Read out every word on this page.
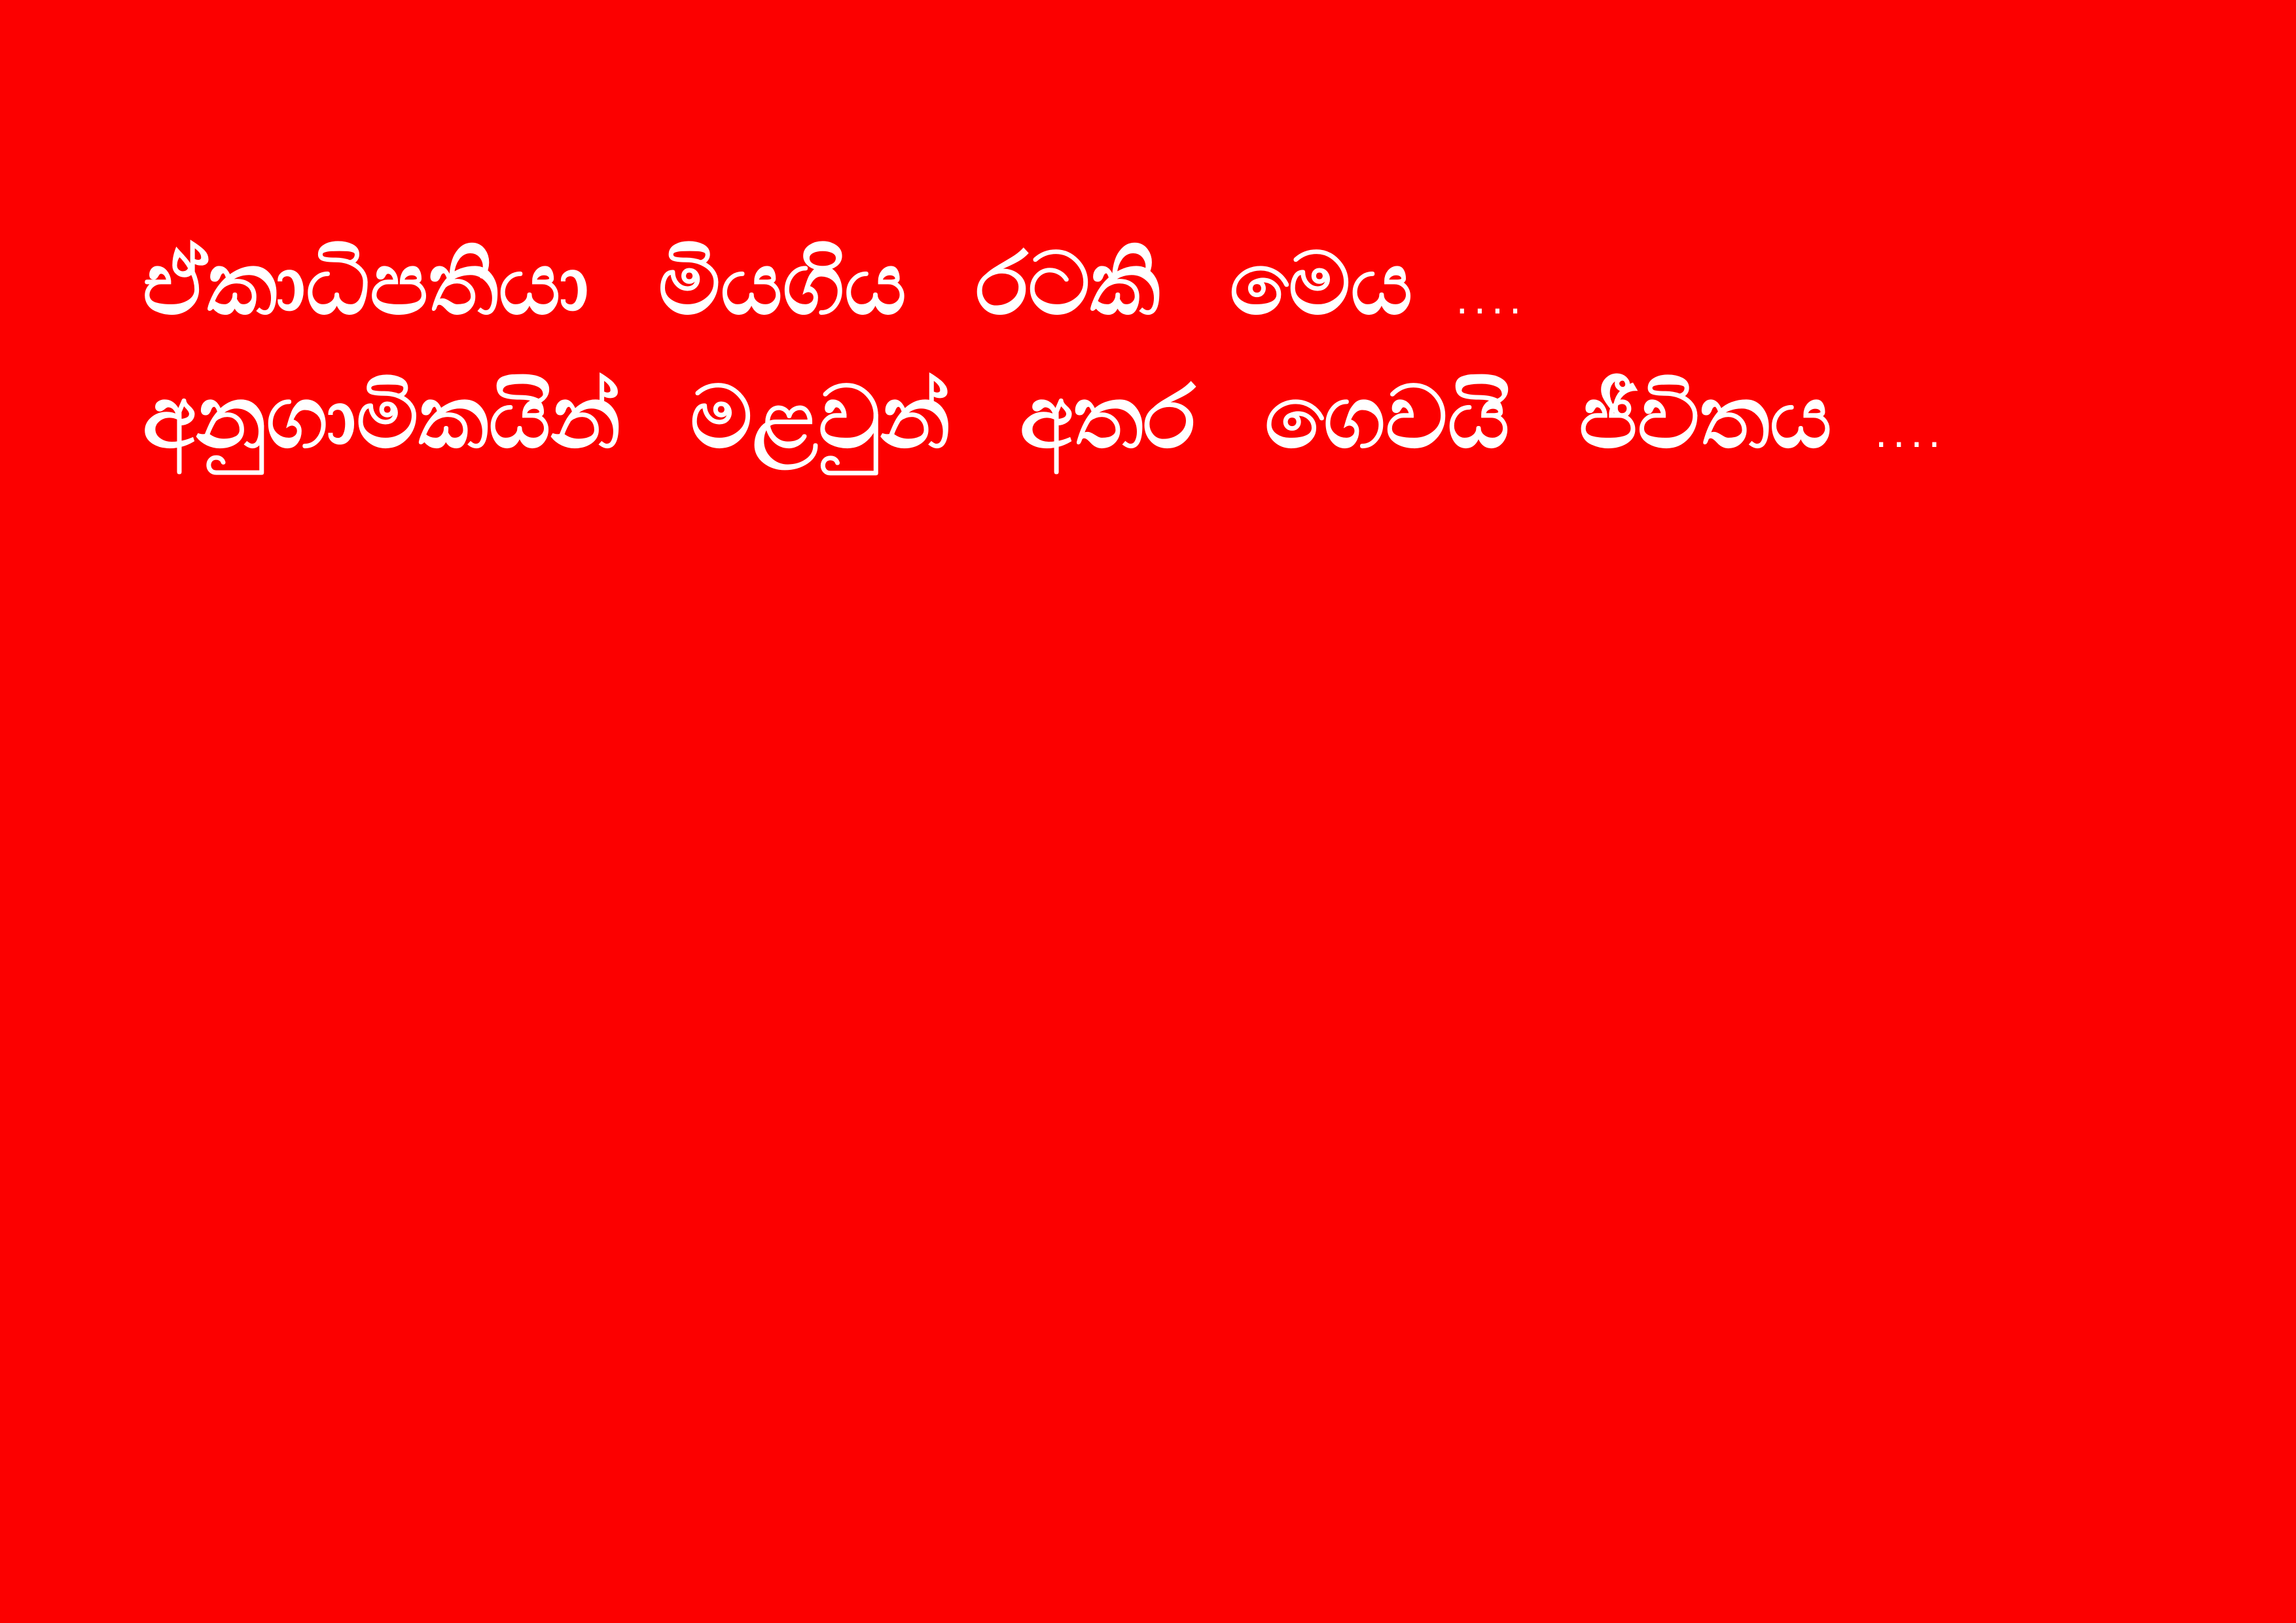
ඒකාධිපතියා මියගිය රටකි මෙය ....
අනුගාමිකයින් මළවුන් අතර ගෙවයි ජීවිතය ....
